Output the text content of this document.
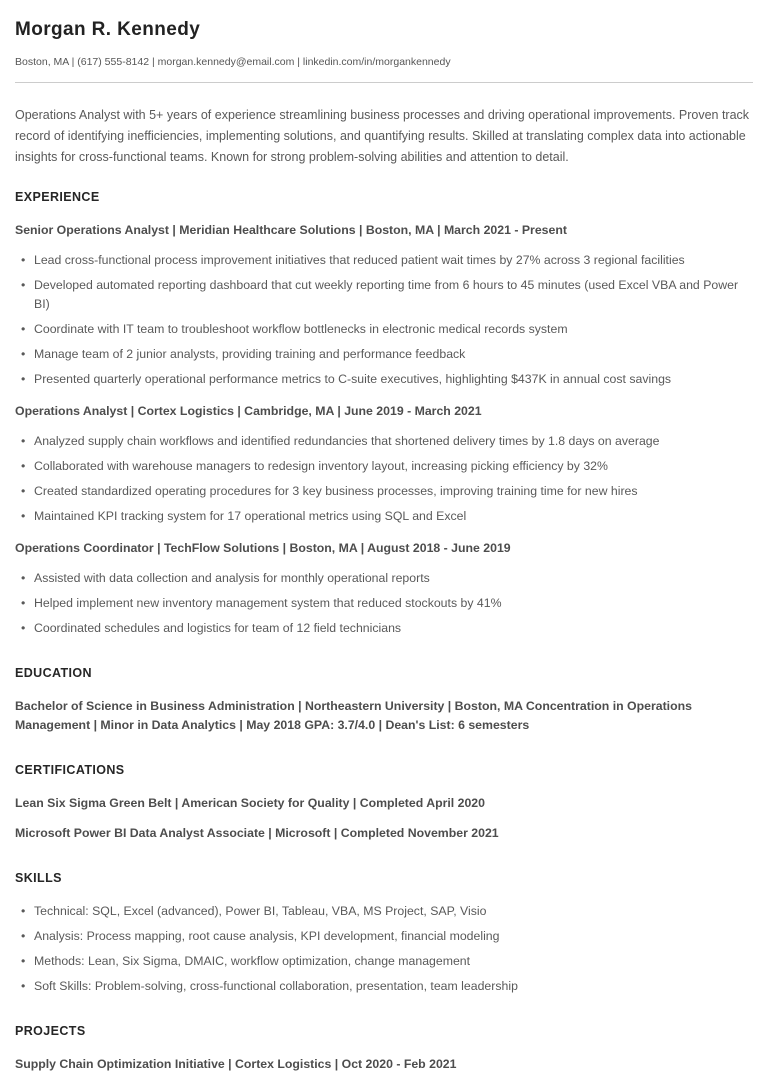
Morgan R. Kennedy
Boston, MA | (617) 555-8142 | morgan.kennedy@email.com | linkedin.com/in/morgankennedy

Operations Analyst with 5+ years of experience streamlining business processes and driving operational improvements. Proven track record of identifying inefficiencies, implementing solutions, and quantifying results. Skilled at translating complex data into actionable insights for cross-functional teams. Known for strong problem-solving abilities and attention to detail.

EXPERIENCE
Senior Operations Analyst | Meridian Healthcare Solutions | Boston, MA | March 2021 - Present
• Lead cross-functional process improvement initiatives that reduced patient wait times by 27% across 3 regional facilities
• Developed automated reporting dashboard that cut weekly reporting time from 6 hours to 45 minutes (used Excel VBA and Power BI)
• Coordinate with IT team to troubleshoot workflow bottlenecks in electronic medical records system
• Manage team of 2 junior analysts, providing training and performance feedback
• Presented quarterly operational performance metrics to C-suite executives, highlighting $437K in annual cost savings
Operations Analyst | Cortex Logistics | Cambridge, MA | June 2019 - March 2021
• Analyzed supply chain workflows and identified redundancies that shortened delivery times by 1.8 days on average
• Collaborated with warehouse managers to redesign inventory layout, increasing picking efficiency by 32%
• Created standardized operating procedures for 3 key business processes, improving training time for new hires
• Maintained KPI tracking system for 17 operational metrics using SQL and Excel
Operations Coordinator | TechFlow Solutions | Boston, MA | August 2018 - June 2019
• Assisted with data collection and analysis for monthly operational reports
• Helped implement new inventory management system that reduced stockouts by 41%
• Coordinated schedules and logistics for team of 12 field technicians
EDUCATION

Bachelor of Science in Business Administration | Northeastern University | Boston, MA Concentration in Operations Management | Minor in Data Analytics | May 2018 GPA: 3.7/4.0 | Dean's List: 6 semesters

CERTIFICATIONS

Lean Six Sigma Green Belt | American Society for Quality | Completed April 2020

Microsoft Power BI Data Analyst Associate | Microsoft | Completed November 2021

SKILLS
• Technical: SQL, Excel (advanced), Power BI, Tableau, VBA, MS Project, SAP, Visio
• Analysis: Process mapping, root cause analysis, KPI development, financial modeling
• Methods: Lean, Six Sigma, DMAIC, workflow optimization, change management
• Soft Skills: Problem-solving, cross-functional collaboration, presentation, team leadership
PROJECTS

Supply Chain Optimization Initiative | Cortex Logistics | Oct 2020 - Feb 2021
